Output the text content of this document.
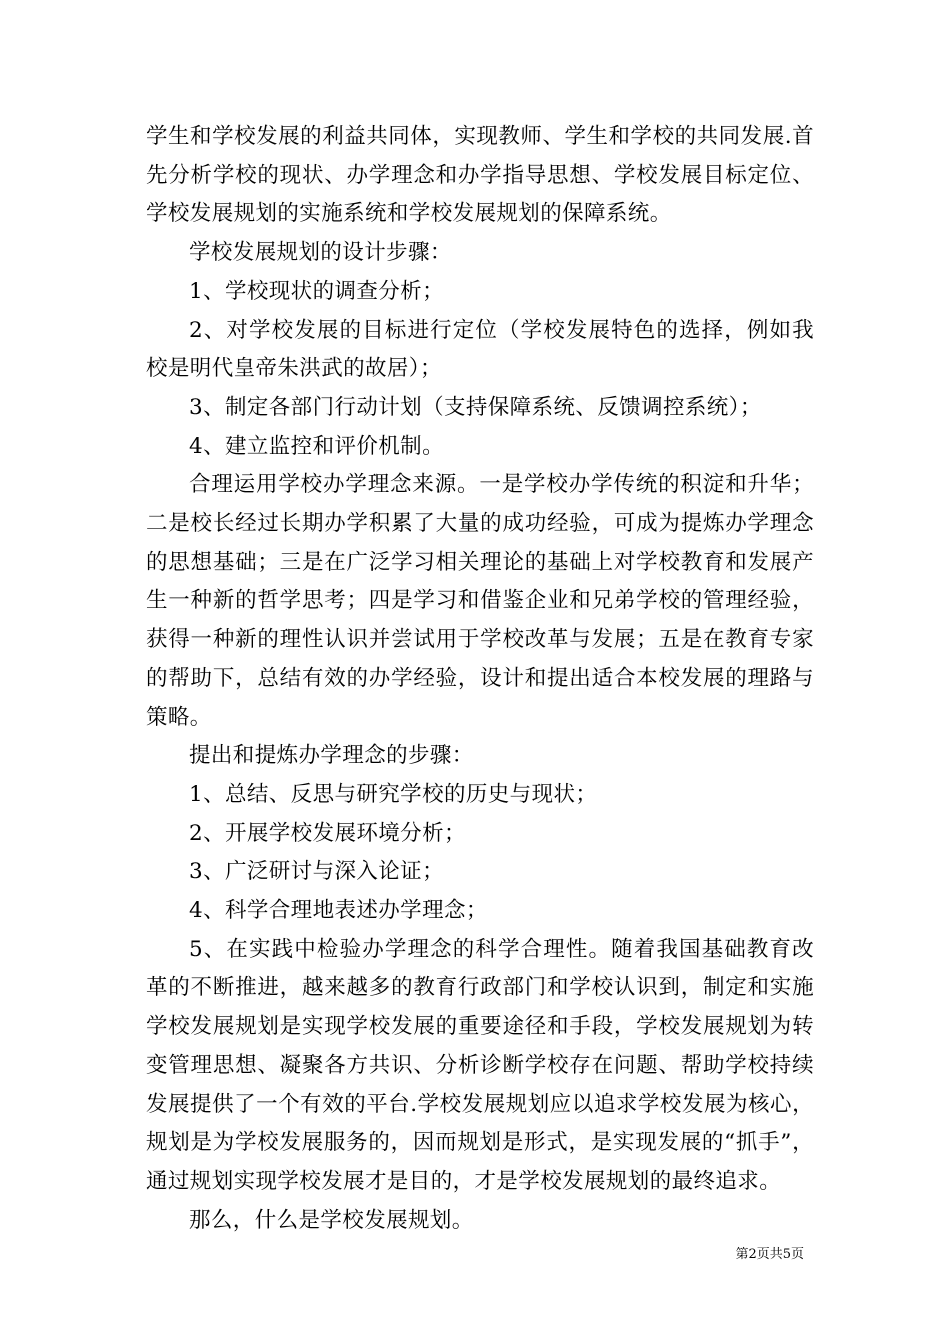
学生和学校发展的利益共同体，实现教师、学生和学校的共同发展.首先分析学校的现状、办学理念和办学指导思想、学校发展目标定位、学校发展规划的实施系统和学校发展规划的保障系统。

学校发展规划的设计步骤：

1、学校现状的调查分析；

2、对学校发展的目标进行定位（学校发展特色的选择，例如我校是明代皇帝朱洪武的故居）；

3、制定各部门行动计划（支持保障系统、反馈调控系统）；

4、建立监控和评价机制。

合理运用学校办学理念来源。一是学校办学传统的积淀和升华；二是校长经过长期办学积累了大量的成功经验，可成为提炼办学理念的思想基础；三是在广泛学习相关理论的基础上对学校教育和发展产生一种新的哲学思考；四是学习和借鉴企业和兄弟学校的管理经验，获得一种新的理性认识并尝试用于学校改革与发展；五是在教育专家的帮助下，总结有效的办学经验，设计和提出适合本校发展的理路与策略。

提出和提炼办学理念的步骤：

1、总结、反思与研究学校的历史与现状；

2、开展学校发展环境分析；

3、广泛研讨与深入论证；

4、科学合理地表述办学理念；

5、在实践中检验办学理念的科学合理性。随着我国基础教育改革的不断推进，越来越多的教育行政部门和学校认识到，制定和实施学校发展规划是实现学校发展的重要途径和手段，学校发展规划为转变管理思想、凝聚各方共识、分析诊断学校存在问题、帮助学校持续发展提供了一个有效的平台.学校发展规划应以追求学校发展为核心，规划是为学校发展服务的，因而规划是形式，是实现发展的“抓手”，通过规划实现学校发展才是目的，才是学校发展规划的最终追求。

那么，什么是学校发展规划。

第2页共5页
